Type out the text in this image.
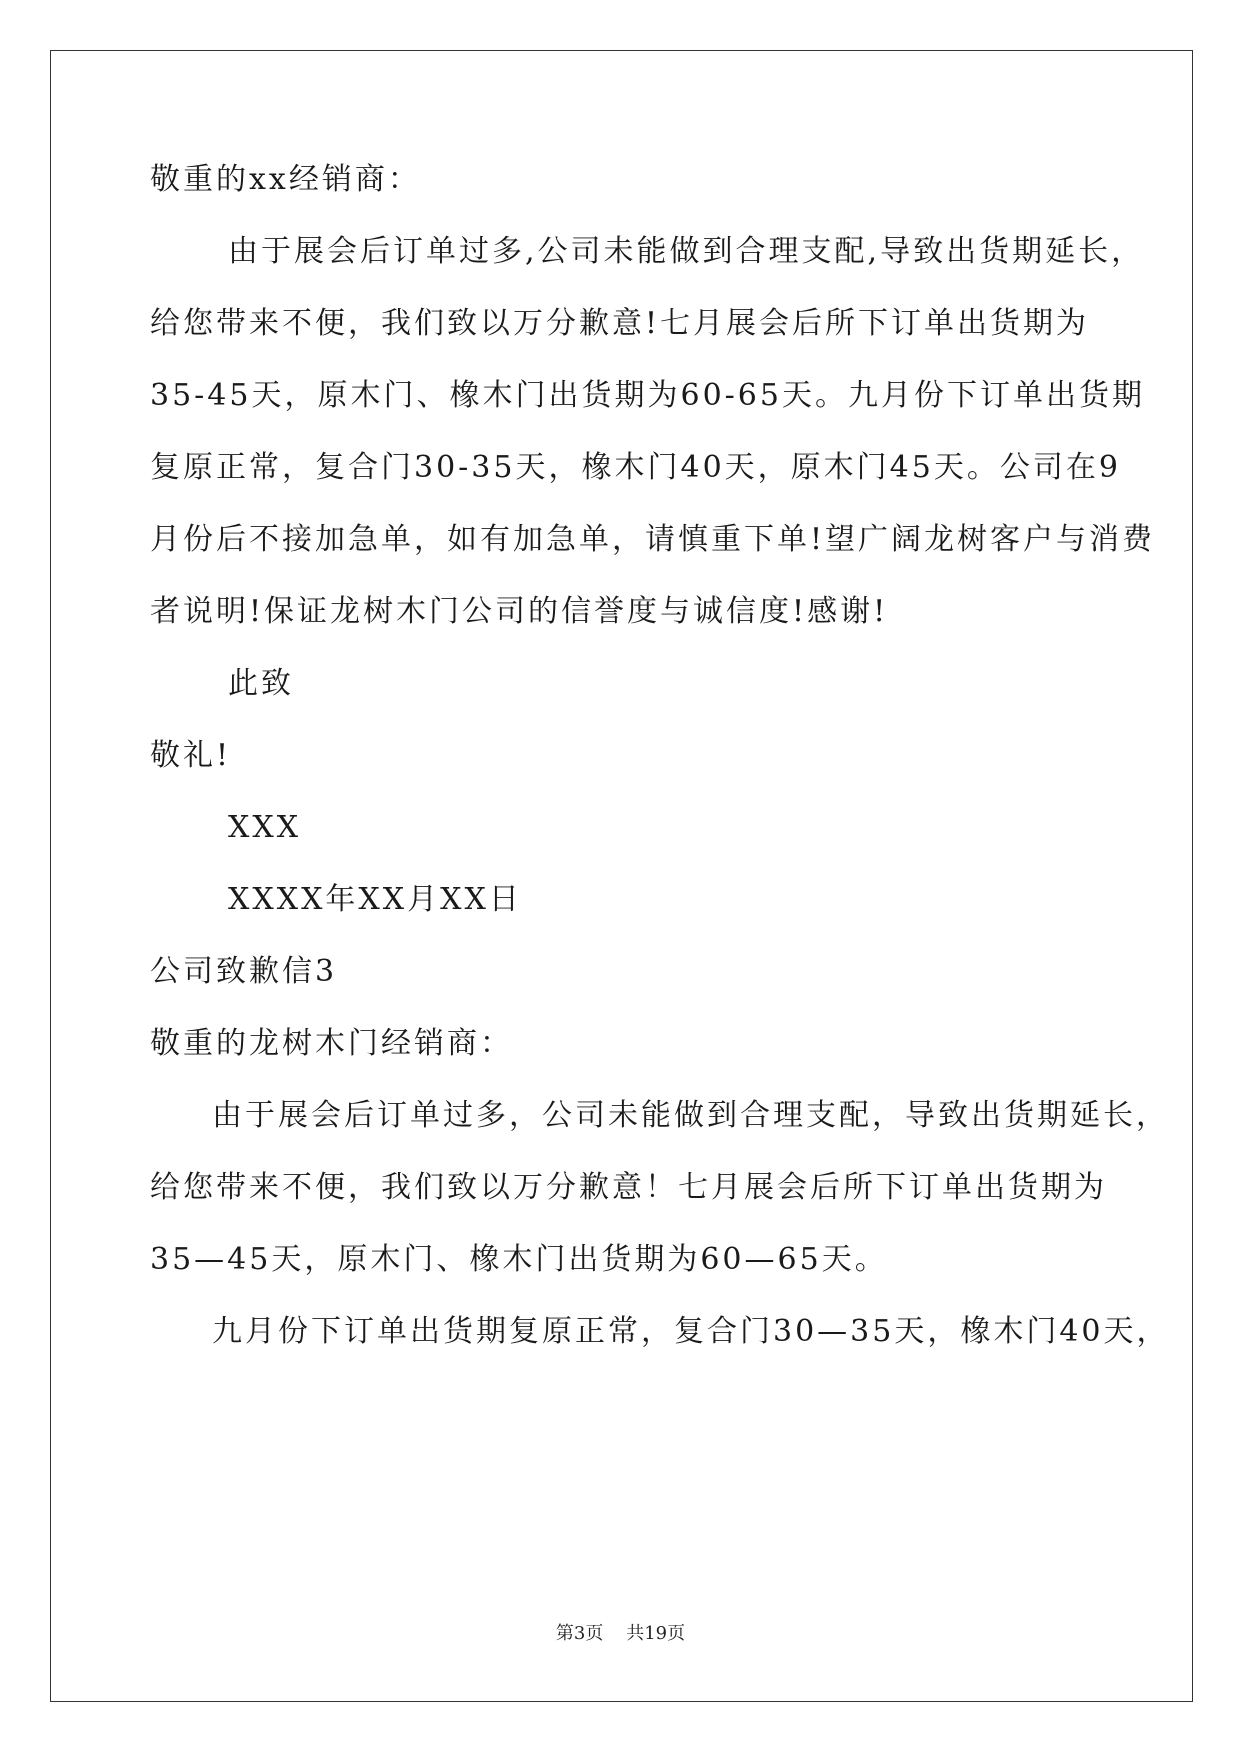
敬重的xx经销商：
由于展会后订单过多,公司未能做到合理支配,导致出货期延长，
给您带来不便，我们致以万分歉意!七月展会后所下订单出货期为
35-45天，原木门、橡木门出货期为60-65天。九月份下订单出货期
复原正常，复合门30-35天，橡木门40天，原木门45天。公司在9
月份后不接加急单，如有加急单，请慎重下单!望广阔龙树客户与消费
者说明!保证龙树木门公司的信誉度与诚信度!感谢!
此致
敬礼!
XXX
XXXX年XX月XX日
公司致歉信3
敬重的龙树木门经销商：
由于展会后订单过多，公司未能做到合理支配，导致出货期延长，
给您带来不便，我们致以万分歉意！七月展会后所下订单出货期为
35—45天，原木门、橡木门出货期为60—65天。
九月份下订单出货期复原正常，复合门30—35天，橡木门40天，
第3页 共19页
